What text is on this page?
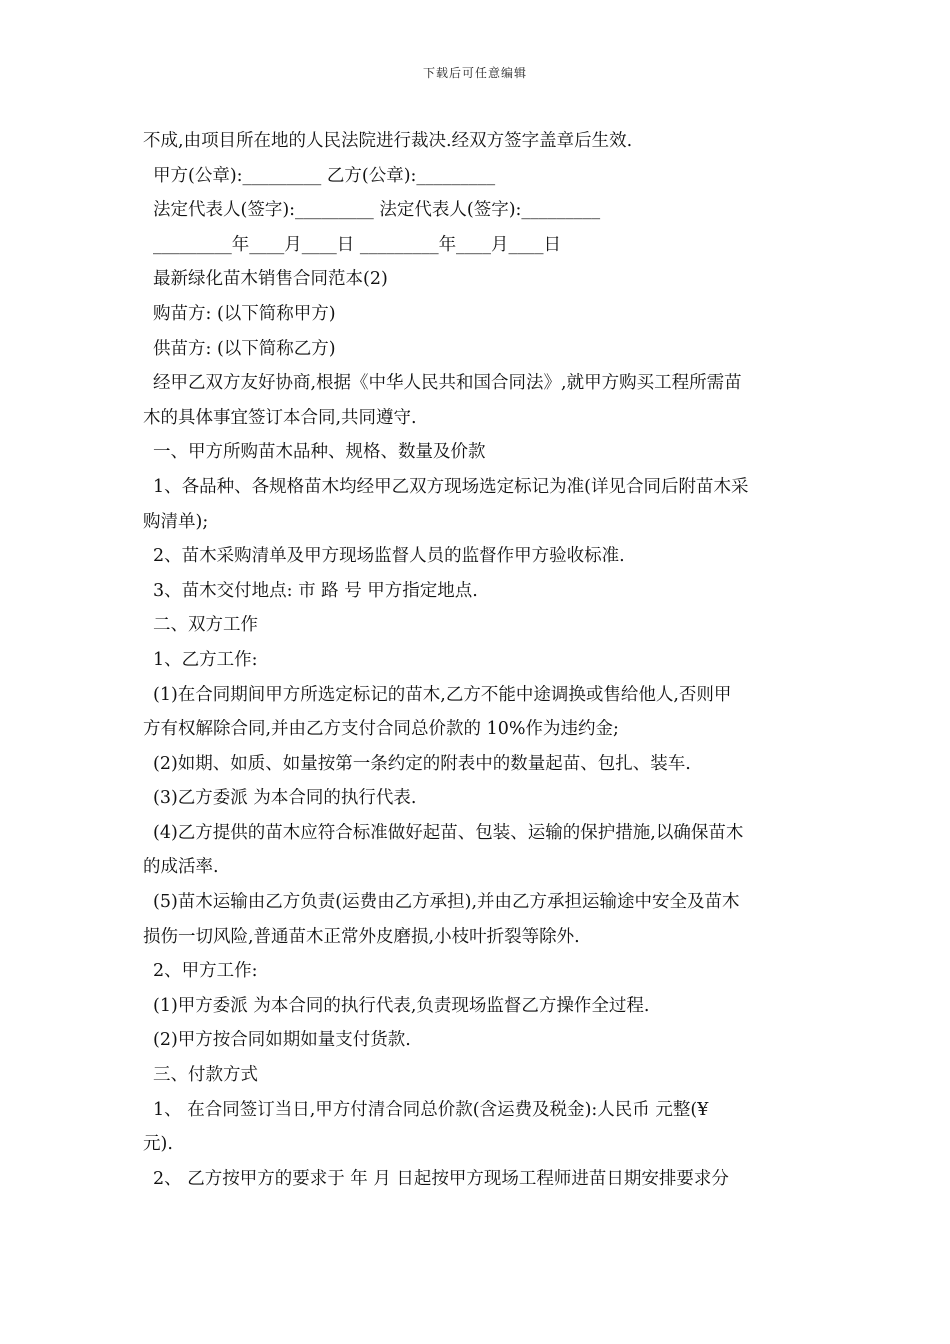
下载后可任意编辑
不成,由项目所在地的人民法院进行裁决.经双方签字盖章后生效.
甲方(公章):_________ 乙方(公章):_________
法定代表人(签字):_________ 法定代表人(签字):_________
_________年____月____日 _________年____月____日
最新绿化苗木销售合同范本(2)
购苗方: (以下简称甲方)
供苗方: (以下简称乙方)
经甲乙双方友好协商,根据《中华人民共和国合同法》,就甲方购买工程所需苗
木的具体事宜签订本合同,共同遵守.
一、甲方所购苗木品种、规格、数量及价款
1、各品种、各规格苗木均经甲乙双方现场选定标记为准(详见合同后附苗木采
购清单);
2、苗木采购清单及甲方现场监督人员的监督作甲方验收标准.
3、苗木交付地点: 市 路 号 甲方指定地点.
二、双方工作
1、乙方工作:
(1)在合同期间甲方所选定标记的苗木,乙方不能中途调换或售给他人,否则甲
方有权解除合同,并由乙方支付合同总价款的 10%作为违约金;
(2)如期、如质、如量按第一条约定的附表中的数量起苗、包扎、装车.
(3)乙方委派 为本合同的执行代表.
(4)乙方提供的苗木应符合标准做好起苗、包装、运输的保护措施,以确保苗木
的成活率.
(5)苗木运输由乙方负责(运费由乙方承担),并由乙方承担运输途中安全及苗木
损伤一切风险,普通苗木正常外皮磨损,小枝叶折裂等除外.
2、甲方工作:
(1)甲方委派 为本合同的执行代表,负责现场监督乙方操作全过程.
(2)甲方按合同如期如量支付货款.
三、付款方式
1、 在合同签订当日,甲方付清合同总价款(含运费及税金):人民币 元整(¥
元).
2、 乙方按甲方的要求于 年 月 日起按甲方现场工程师进苗日期安排要求分
